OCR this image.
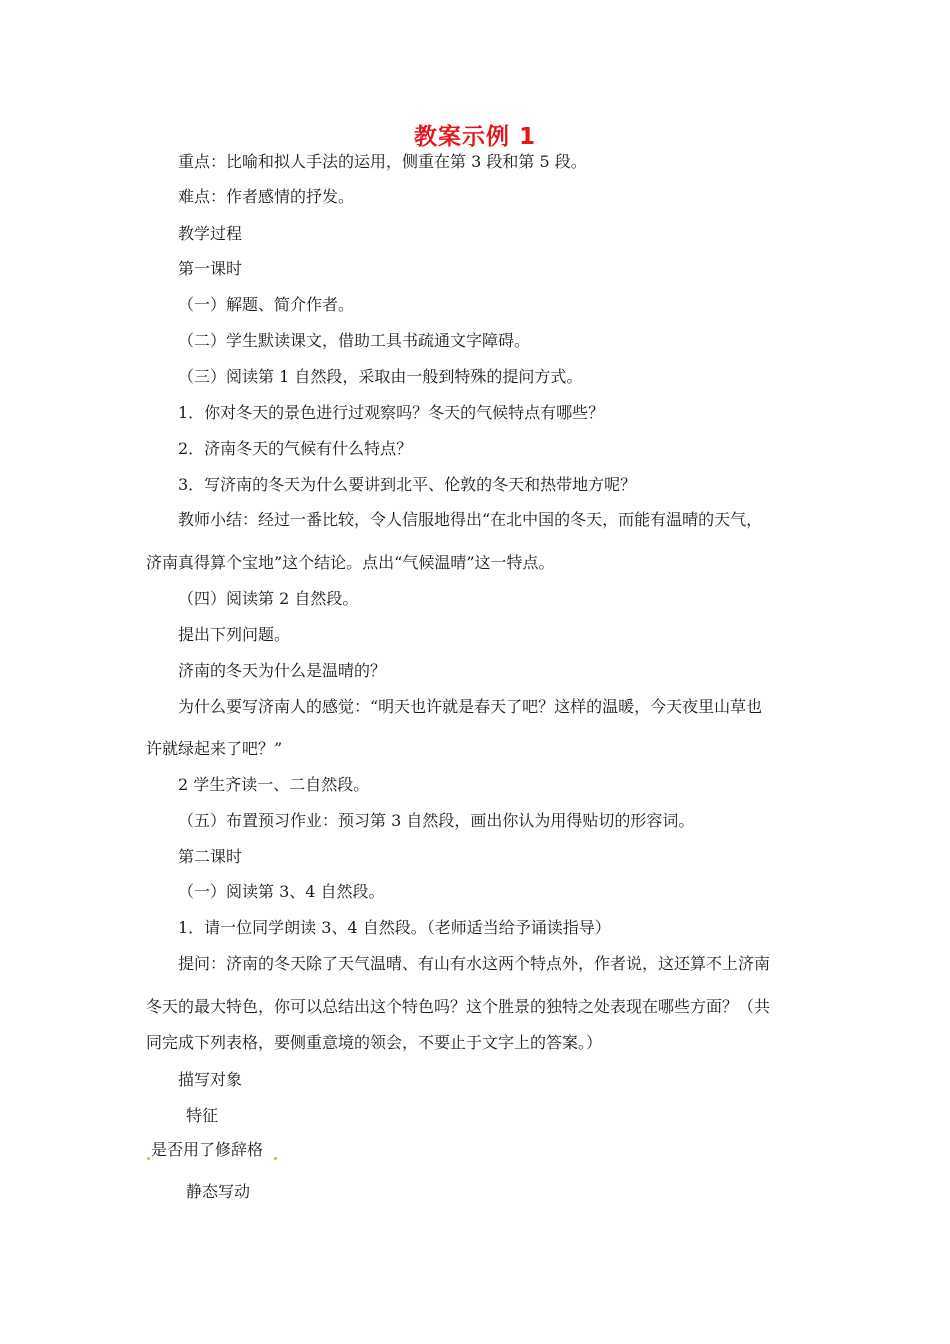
教案示例 1
重点：比喻和拟人手法的运用，侧重在第 3 段和第 5 段。
难点：作者感情的抒发。
教学过程
第一课时
（一）解题、简介作者。
（二）学生默读课文，借助工具书疏通文字障碍。
（三）阅读第 1 自然段，采取由一般到特殊的提问方式。
1．你对冬天的景色进行过观察吗？冬天的气候特点有哪些？
2．济南冬天的气候有什么特点？
3．写济南的冬天为什么要讲到北平、伦敦的冬天和热带地方呢？
教师小结：经过一番比较，令人信服地得出“在北中国的冬天，而能有温晴的天气，
济南真得算个宝地”这个结论。点出“气候温晴”这一特点。
（四）阅读第 2 自然段。
提出下列问题。
济南的冬天为什么是温晴的？
为什么要写济南人的感觉：“明天也许就是春天了吧？这样的温暖，今天夜里山草也
许就绿起来了吧？”
2 学生齐读一、二自然段。
（五）布置预习作业：预习第 3 自然段，画出你认为用得贴切的形容词。
第二课时
（一）阅读第 3、4 自然段。
1．请一位同学朗读 3、4 自然段。（老师适当给予诵读指导）
提问：济南的冬天除了天气温晴、有山有水这两个特点外，作者说，这还算不上济南
冬天的最大特色，你可以总结出这个特色吗？这个胜景的独特之处表现在哪些方面？（共
同完成下列表格，要侧重意境的领会，不要止于文字上的答案。）
描写对象
特征
是否用了修辞格
静态写动
